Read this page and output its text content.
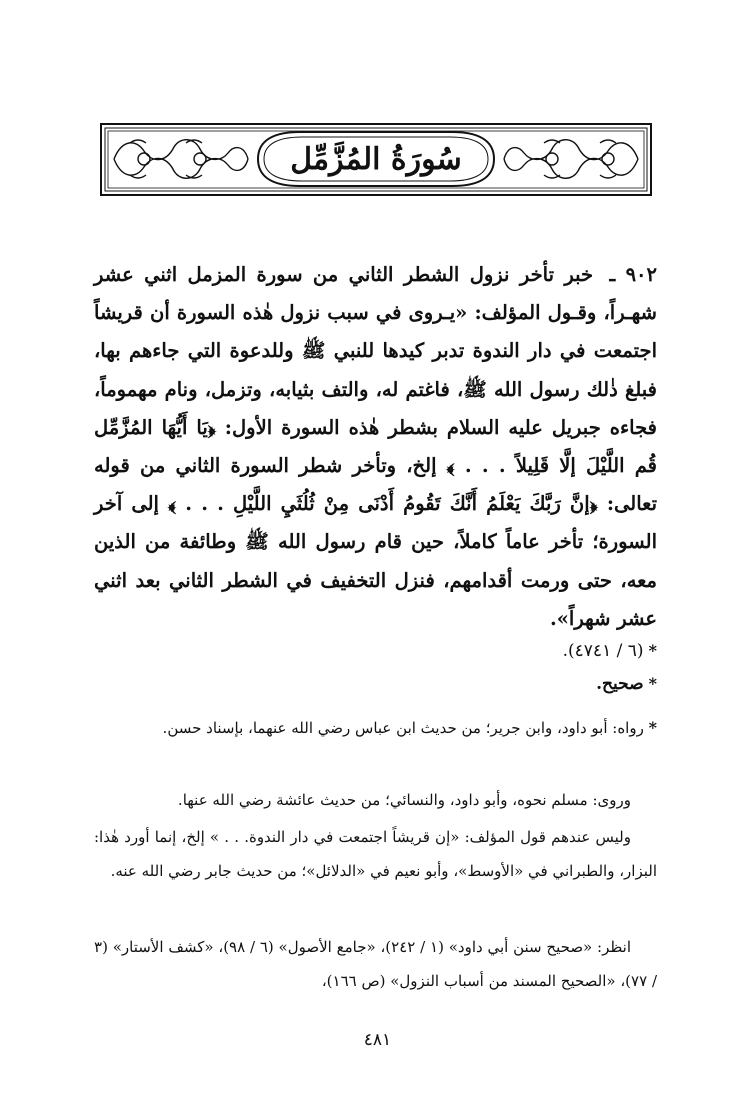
سُورَةُ المُزَّمِّل
٩٠٢ ـ خبر تأخر نزول الشطر الثاني من سورة المزمل اثني عشر شهـراً، وقـول المؤلف: «يـروى في سبب نزول هٰذه السورة أن قريشاً اجتمعت في دار الندوة تدبر كيدها للنبي ﷺ وللدعوة التي جاءهم بها، فبلغ ذٰلك رسول الله ﷺ، فاغتم له، والتف بثيابه، وتزمل، ونام مهموماً، فجاءه جبريل عليه السلام بشطر هٰذه السورة الأول: ﴿يَا أَيُّهَا المُزَّمِّل قُم اللَّيْلَ إلَّا قَلِيلاً . . . ﴾ إلخ، وتأخر شطر السورة الثاني من قوله تعالى: ﴿إنَّ رَبَّكَ يَعْلَمُ أَنَّكَ تَقُومُ أَدْنَى مِنْ ثُلُثَيِ اللَّيْلِ . . . ﴾ إلى آخر السورة؛ تأخر عاماً كاملاً، حين قام رسول الله ﷺ وطائفة من الذين معه، حتى ورمت أقدامهم، فنزل التخفيف في الشطر الثاني بعد اثني عشر شهراً».
* (٦ / ٤٧٤١).
* صحيح.
* رواه: أبو داود، وابن جرير؛ من حديث ابن عباس رضي الله عنهما، بإسناد حسن.
وروى: مسلم نحوه، وأبو داود، والنسائي؛ من حديث عائشة رضي الله عنها.
وليس عندهم قول المؤلف: «إن قريشاً اجتمعت في دار الندوة. . . » إلخ، إنما أورد هٰذا: البزار، والطبراني في «الأوسط»، وأبو نعيم في «الدلائل»؛ من حديث جابر رضي الله عنه.
انظر: «صحيح سنن أبي داود» (١ / ٢٤٢)، «جامع الأصول» (٦ / ٩٨)، «كشف الأستار» (٣ / ٧٧)، «الصحيح المسند من أسباب النزول» (ص ١٦٦)،
٤٨١
